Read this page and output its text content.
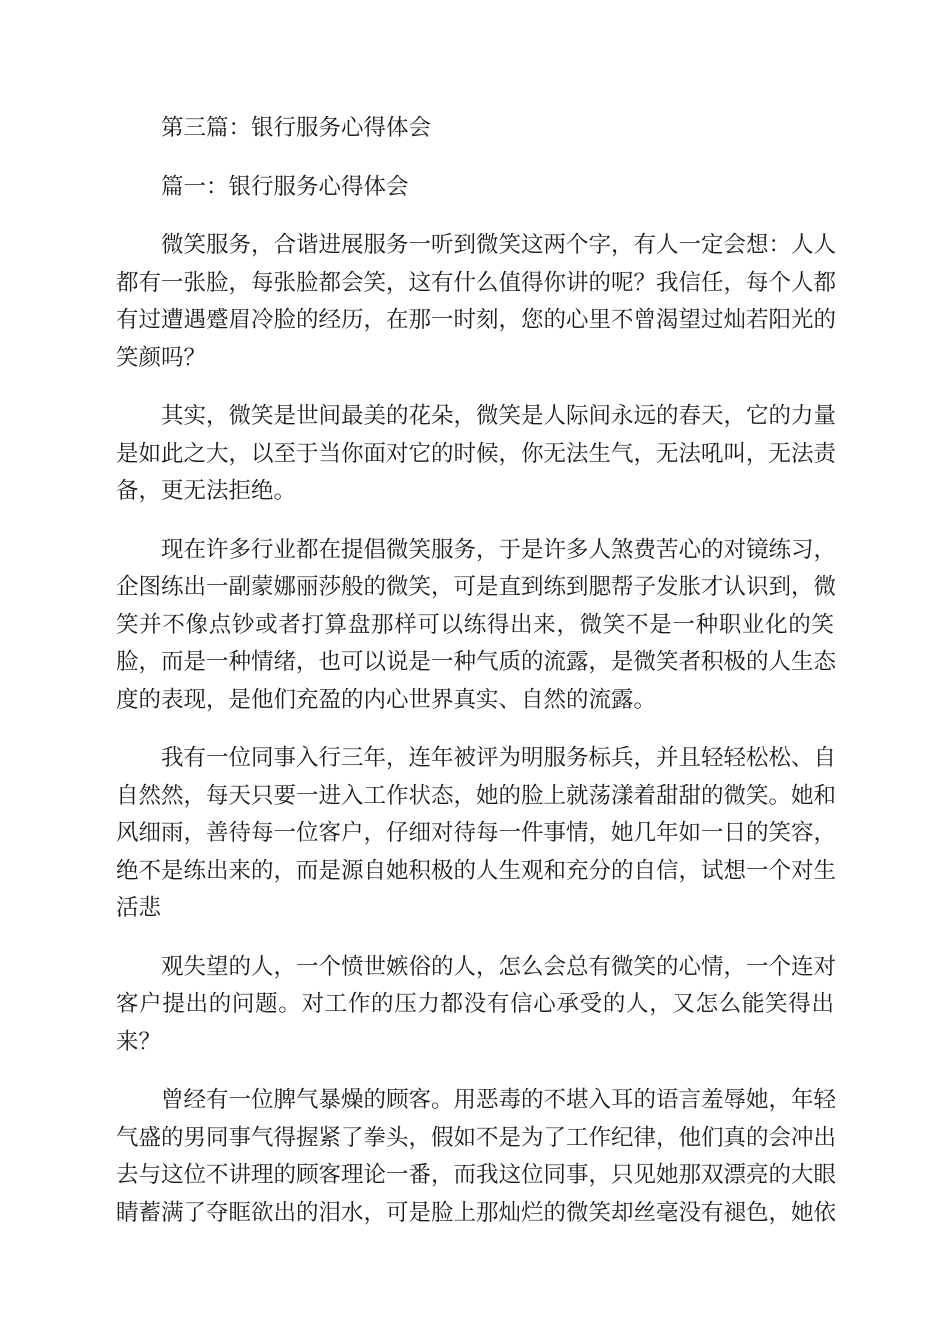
第三篇：银行服务心得体会
篇一：银行服务心得体会
微笑服务，合谐进展服务一听到微笑这两个字，有人一定会想：人人
都有一张脸，每张脸都会笑，这有什么值得你讲的呢？我信任，每个人都
有过遭遇蹙眉冷脸的经历，在那一时刻，您的心里不曾渴望过灿若阳光的
笑颜吗？
其实，微笑是世间最美的花朵，微笑是人际间永远的春天，它的力量
是如此之大，以至于当你面对它的时候，你无法生气，无法吼叫，无法责
备，更无法拒绝。
现在许多行业都在提倡微笑服务，于是许多人煞费苦心的对镜练习，
企图练出一副蒙娜丽莎般的微笑，可是直到练到腮帮子发胀才认识到，微
笑并不像点钞或者打算盘那样可以练得出来，微笑不是一种职业化的笑
脸，而是一种情绪，也可以说是一种气质的流露，是微笑者积极的人生态
度的表现，是他们充盈的内心世界真实、自然的流露。
我有一位同事入行三年，连年被评为明服务标兵，并且轻轻松松、自
自然然，每天只要一进入工作状态，她的脸上就荡漾着甜甜的微笑。她和
风细雨，善待每一位客户，仔细对待每一件事情，她几年如一日的笑容，
绝不是练出来的，而是源自她积极的人生观和充分的自信，试想一个对生
活悲
观失望的人，一个愤世嫉俗的人，怎么会总有微笑的心情，一个连对
客户提出的问题。对工作的压力都没有信心承受的人，又怎么能笑得出
来？
曾经有一位脾气暴燥的顾客。用恶毒的不堪入耳的语言羞辱她，年轻
气盛的男同事气得握紧了拳头，假如不是为了工作纪律，他们真的会冲出
去与这位不讲理的顾客理论一番，而我这位同事，只见她那双漂亮的大眼
睛蓄满了夺眶欲出的泪水，可是脸上那灿烂的微笑却丝毫没有褪色，她依
